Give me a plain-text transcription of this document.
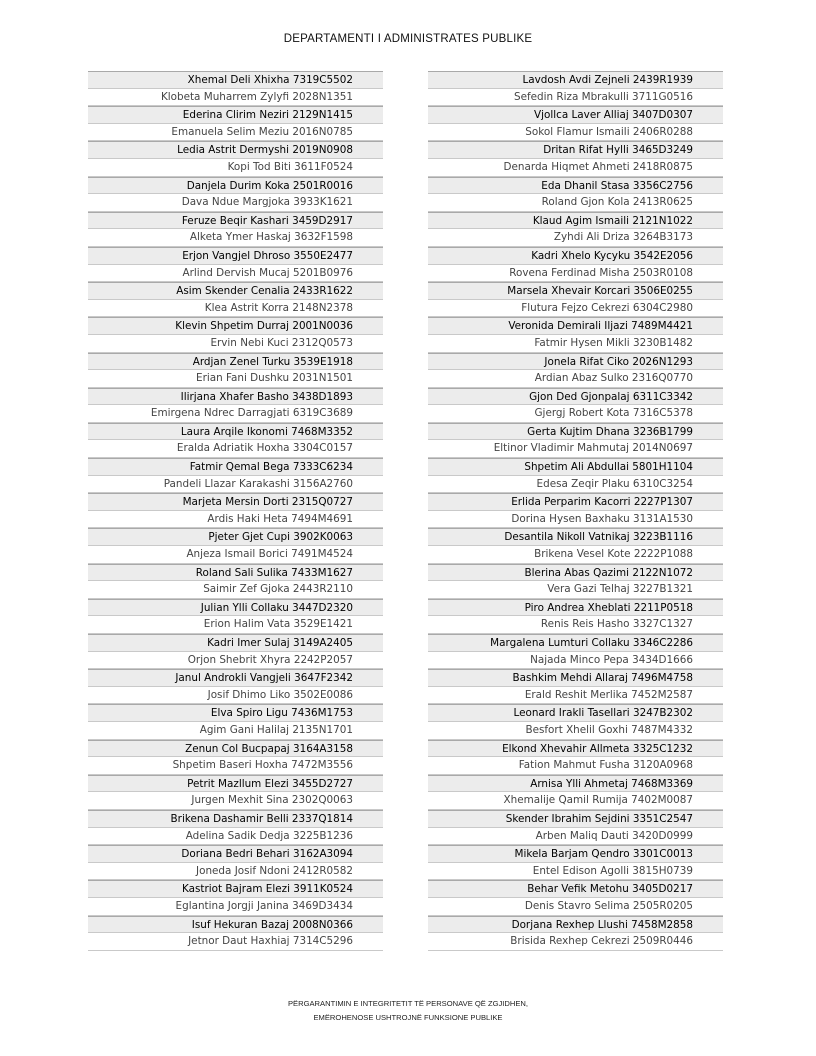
DEPARTAMENTI I ADMINISTRATES PUBLIKE
Xhemal Deli Xhixha 7319C5502
Klobeta Muharrem Zylyfi 2028N1351
Ederina Clirim Neziri 2129N1415
Emanuela Selim Meziu 2016N0785
Ledia Astrit Dermyshi 2019N0908
Kopi Tod Biti 3611F0524
Danjela Durim Koka 2501R0016
Dava Ndue Margjoka 3933K1621
Feruze Beqir Kashari 3459D2917
Alketa Ymer Haskaj 3632F1598
Erjon Vangjel Dhroso 3550E2477
Arlind Dervish Mucaj 5201B0976
Asim Skender Cenalia 2433R1622
Klea Astrit Korra 2148N2378
Klevin Shpetim Durraj 2001N0036
Ervin Nebi Kuci 2312Q0573
Ardjan Zenel Turku 3539E1918
Erian Fani Dushku 2031N1501
Ilirjana Xhafer Basho 3438D1893
Emirgena Ndrec Darragjati 6319C3689
Laura Arqile Ikonomi 7468M3352
Eralda Adriatik Hoxha 3304C0157
Fatmir Qemal Bega 7333C6234
Pandeli Llazar Karakashi 3156A2760
Marjeta Mersin Dorti 2315Q0727
Ardis Haki Heta 7494M4691
Pjeter Gjet Cupi 3902K0063
Anjeza Ismail Borici 7491M4524
Roland Sali Sulika 7433M1627
Saimir Zef Gjoka 2443R2110
Julian Ylli Collaku 3447D2320
Erion Halim Vata 3529E1421
Kadri Imer Sulaj 3149A2405
Orjon Shebrit Xhyra 2242P2057
Janul Androkli Vangjeli 3647F2342
Josif Dhimo Liko 3502E0086
Elva Spiro Ligu 7436M1753
Agim Gani Halilaj 2135N1701
Zenun Col Bucpapaj 3164A3158
Shpetim Baseri Hoxha 7472M3556
Petrit Mazllum Elezi 3455D2727
Jurgen Mexhit Sina 2302Q0063
Brikena Dashamir Belli 2337Q1814
Adelina Sadik Dedja 3225B1236
Doriana Bedri Behari 3162A3094
Joneda Josif Ndoni 2412R0582
Kastriot Bajram Elezi 3911K0524
Eglantina Jorgji Janina 3469D3434
Isuf Hekuran Bazaj 2008N0366
Jetnor Daut Haxhiaj 7314C5296
Lavdosh Avdi Zejneli 2439R1939
Sefedin Riza Mbrakulli 3711G0516
Vjollca Laver Alliaj 3407D0307
Sokol Flamur Ismaili 2406R0288
Dritan Rifat Hylli 3465D3249
Denarda Hiqmet Ahmeti 2418R0875
Eda Dhanil Stasa 3356C2756
Roland Gjon Kola 2413R0625
Klaud Agim Ismaili 2121N1022
Zyhdi Ali Driza 3264B3173
Kadri Xhelo Kycyku 3542E2056
Rovena Ferdinad Misha 2503R0108
Marsela Xhevair Korcari 3506E0255
Flutura Fejzo Cekrezi 6304C2980
Veronida Demirali Iljazi 7489M4421
Fatmir Hysen Mikli 3230B1482
Jonela Rifat Ciko 2026N1293
Ardian Abaz Sulko 2316Q0770
Gjon Ded Gjonpalaj 6311C3342
Gjergj Robert Kota 7316C5378
Gerta Kujtim Dhana 3236B1799
Eltinor Vladimir Mahmutaj 2014N0697
Shpetim Ali Abdullai 5801H1104
Edesa Zeqir Plaku 6310C3254
Erlida Perparim Kacorri 2227P1307
Dorina Hysen Baxhaku 3131A1530
Desantila Nikoll Vatnikaj 3223B1116
Brikena Vesel Kote 2222P1088
Blerina Abas Qazimi 2122N1072
Vera Gazi Telhaj 3227B1321
Piro Andrea Xheblati 2211P0518
Renis Reis Hasho 3327C1327
Margalena Lumturi Collaku 3346C2286
Najada Minco Pepa 3434D1666
Bashkim Mehdi Allaraj 7496M4758
Erald Reshit Merlika 7452M2587
Leonard Irakli Tasellari 3247B2302
Besfort Xhelil Goxhi 7487M4332
Elkond Xhevahir Allmeta 3325C1232
Fation Mahmut Fusha 3120A0968
Arnisa Ylli Ahmetaj 7468M3369
Xhemalije Qamil Rumija 7402M0087
Skender Ibrahim Sejdini 3351C2547
Arben Maliq Dauti 3420D0999
Mikela Barjam Qendro 3301C0013
Entel Edison Agolli 3815H0739
Behar Vefik Metohu 3405D0217
Denis Stavro Selima 2505R0205
Dorjana Rexhep Llushi 7458M2858
Brisida Rexhep Cekrezi 2509R0446
PËRGARANTIMIN E INTEGRITETIT TË PERSONAVE QË ZGJIDHEN,
EMËROHENOSE USHTROJNË FUNKSIONE PUBLIKE
